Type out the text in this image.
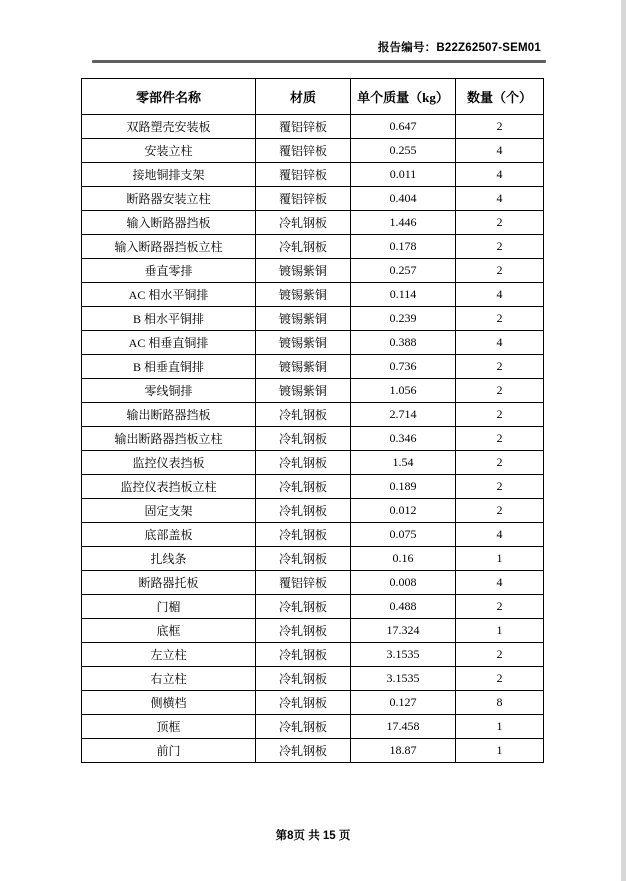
报告编号：B22Z62507-SEM01
零部件名称	材质	单个质量（kg）	数量（个）
双路塑壳安装板	覆铝锌板	0.647	2
安装立柱	覆铝锌板	0.255	4
接地铜排支架	覆铝锌板	0.011	4
断路器安装立柱	覆铝锌板	0.404	4
输入断路器挡板	冷轧钢板	1.446	2
输入断路器挡板立柱	冷轧钢板	0.178	2
垂直零排	镀锡紫铜	0.257	2
AC 相水平铜排	镀锡紫铜	0.114	4
B 相水平铜排	镀锡紫铜	0.239	2
AC 相垂直铜排	镀锡紫铜	0.388	4
B 相垂直铜排	镀锡紫铜	0.736	2
零线铜排	镀锡紫铜	1.056	2
输出断路器挡板	冷轧钢板	2.714	2
输出断路器挡板立柱	冷轧钢板	0.346	2
监控仪表挡板	冷轧钢板	1.54	2
监控仪表挡板立柱	冷轧钢板	0.189	2
固定支架	冷轧钢板	0.012	2
底部盖板	冷轧钢板	0.075	4
扎线条	冷轧钢板	0.16	1
断路器托板	覆铝锌板	0.008	4
门楣	冷轧钢板	0.488	2
底框	冷轧钢板	17.324	1
左立柱	冷轧钢板	3.1535	2
右立柱	冷轧钢板	3.1535	2
侧横档	冷轧钢板	0.127	8
顶框	冷轧钢板	17.458	1
前门	冷轧钢板	18.87	1
第8页 共 15 页
